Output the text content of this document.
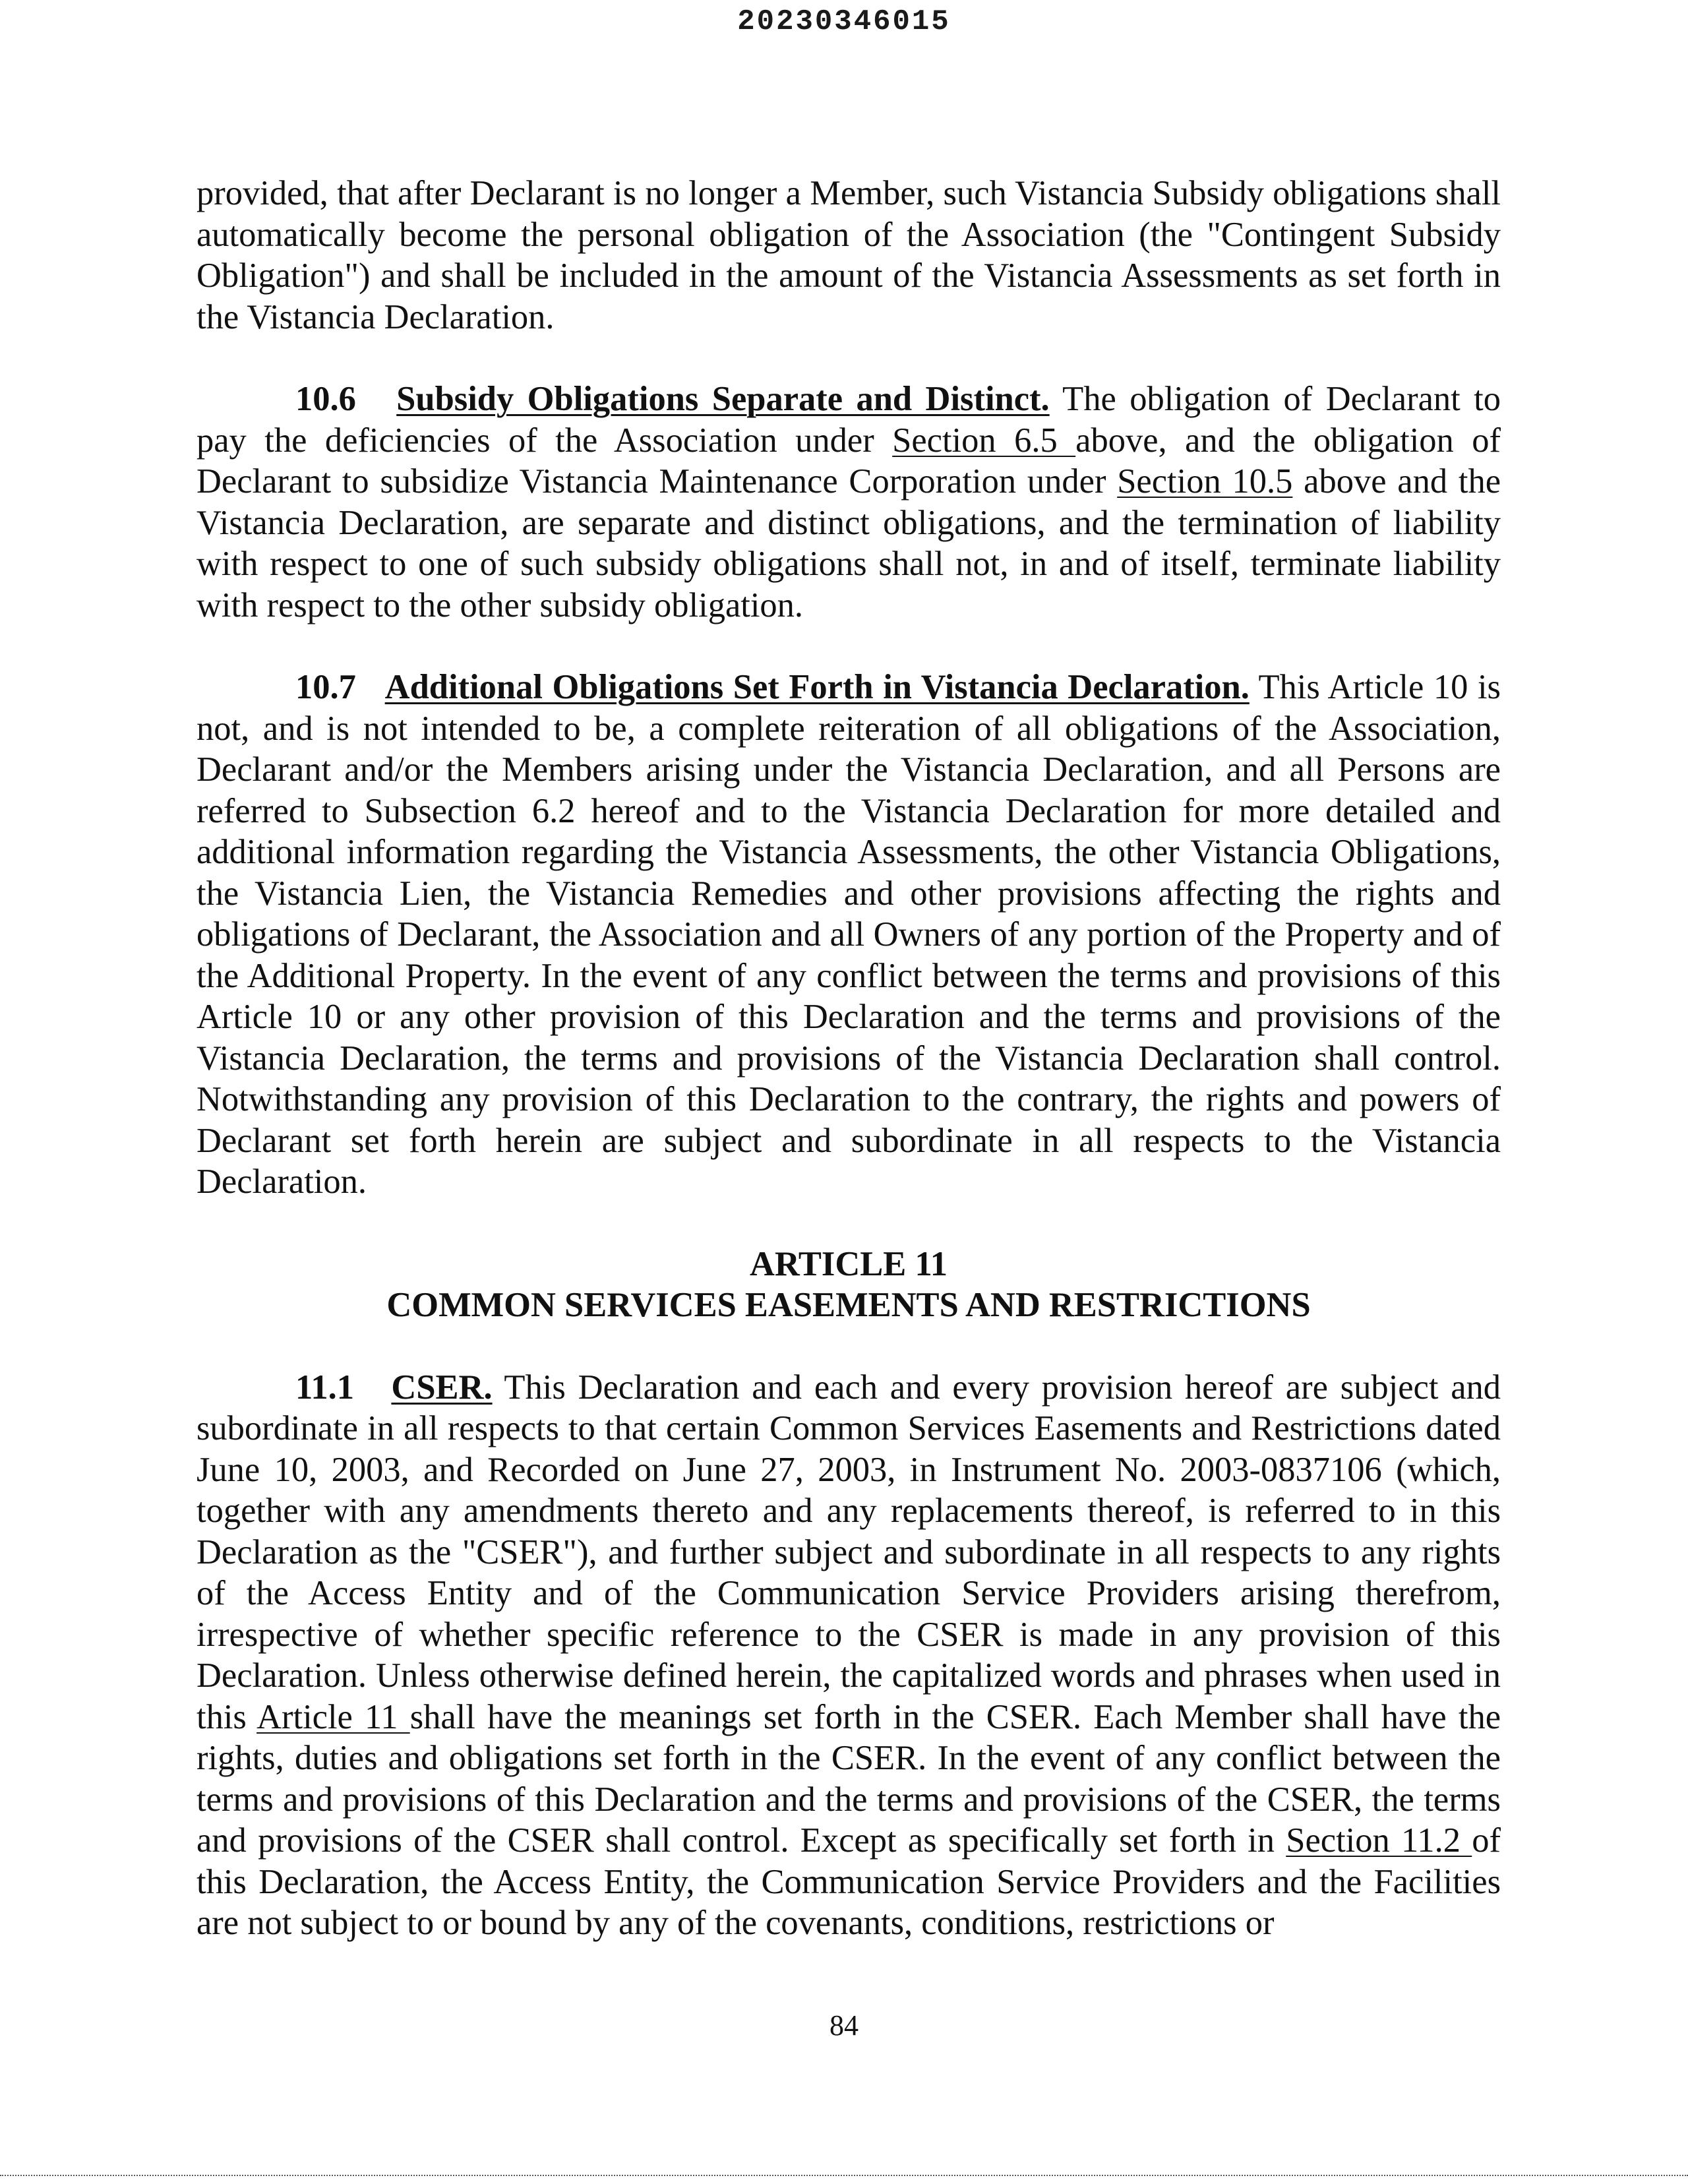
20230346015

provided, that after Declarant is no longer a Member, such Vistancia Subsidy obligations shall automatically become the personal obligation of the Association (the "Contingent Subsidy Obligation") and shall be included in the amount of the Vistancia Assessments as set forth in the Vistancia Declaration.

10.6 Subsidy Obligations Separate and Distinct. The obligation of Declarant to pay the deficiencies of the Association under Section 6.5 above, and the obligation of Declarant to subsidize Vistancia Maintenance Corporation under Section 10.5 above and the Vistancia Declaration, are separate and distinct obligations, and the termination of liability with respect to one of such subsidy obligations shall not, in and of itself, terminate liability with respect to the other subsidy obligation.

10.7 Additional Obligations Set Forth in Vistancia Declaration. This Article 10 is not, and is not intended to be, a complete reiteration of all obligations of the Association, Declarant and/or the Members arising under the Vistancia Declaration, and all Persons are referred to Subsection 6.2 hereof and to the Vistancia Declaration for more detailed and additional information regarding the Vistancia Assessments, the other Vistancia Obligations, the Vistancia Lien, the Vistancia Remedies and other provisions affecting the rights and obligations of Declarant, the Association and all Owners of any portion of the Property and of the Additional Property. In the event of any conflict between the terms and provisions of this Article 10 or any other provision of this Declaration and the terms and provisions of the Vistancia Declaration, the terms and provisions of the Vistancia Declaration shall control. Notwithstanding any provision of this Declaration to the contrary, the rights and powers of Declarant set forth herein are subject and subordinate in all respects to the Vistancia Declaration.

ARTICLE 11
COMMON SERVICES EASEMENTS AND RESTRICTIONS

11.1 CSER. This Declaration and each and every provision hereof are subject and subordinate in all respects to that certain Common Services Easements and Restrictions dated June 10, 2003, and Recorded on June 27, 2003, in Instrument No. 2003-0837106 (which, together with any amendments thereto and any replacements thereof, is referred to in this Declaration as the "CSER"), and further subject and subordinate in all respects to any rights of the Access Entity and of the Communication Service Providers arising therefrom, irrespective of whether specific reference to the CSER is made in any provision of this Declaration. Unless otherwise defined herein, the capitalized words and phrases when used in this Article 11 shall have the meanings set forth in the CSER. Each Member shall have the rights, duties and obligations set forth in the CSER. In the event of any conflict between the terms and provisions of this Declaration and the terms and provisions of the CSER, the terms and provisions of the CSER shall control. Except as specifically set forth in Section 11.2 of this Declaration, the Access Entity, the Communication Service Providers and the Facilities are not subject to or bound by any of the covenants, conditions, restrictions or

84
